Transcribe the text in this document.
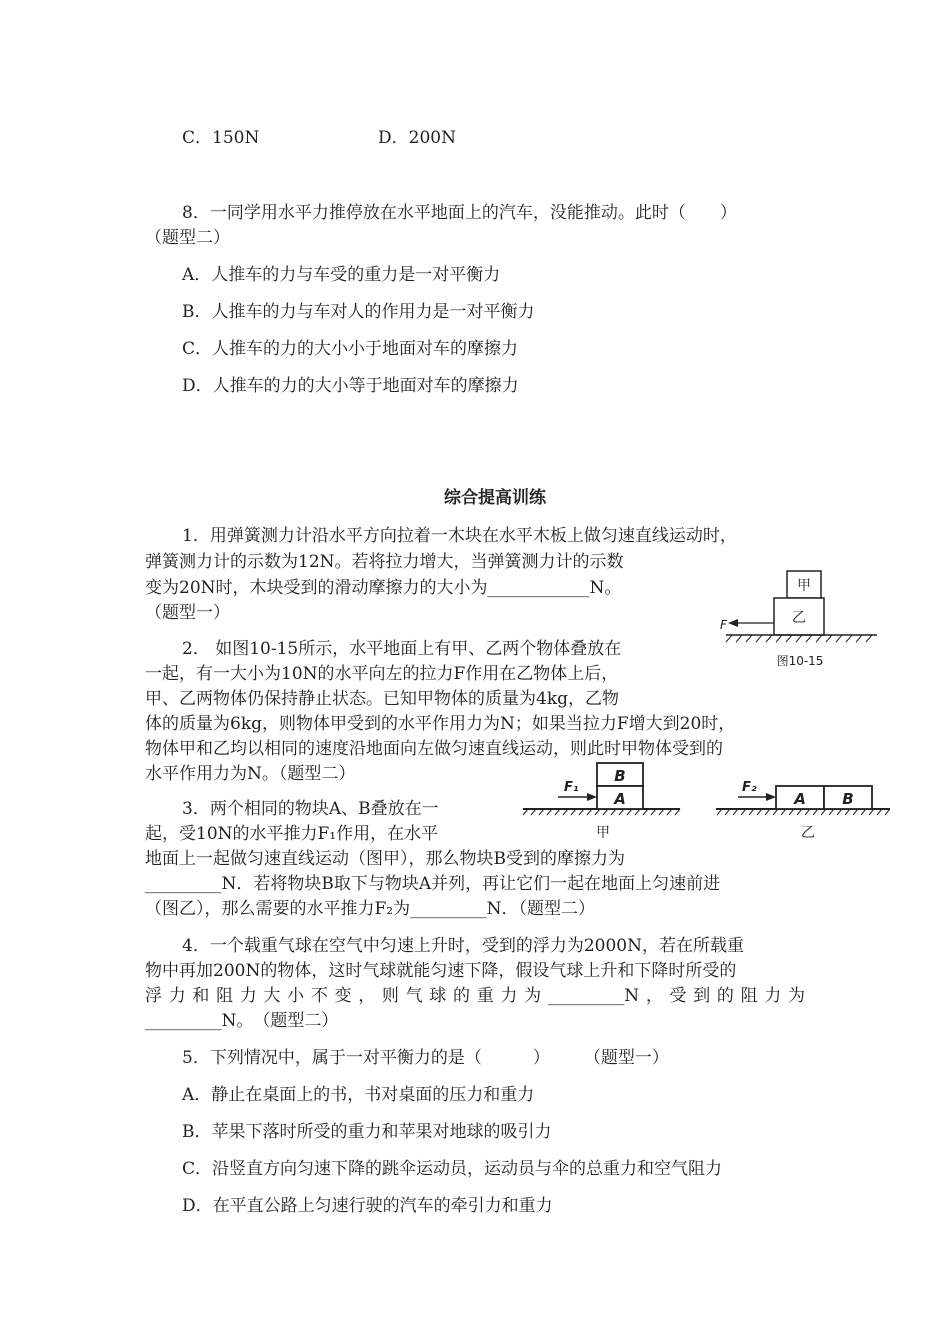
C．150N	D．200N
8．一同学用水平力推停放在水平地面上的汽车，没能推动。此时（　　）
（题型二）
A．人推车的力与车受的重力是一对平衡力
B．人推车的力与车对人的作用力是一对平衡力
C．人推车的力的大小小于地面对车的摩擦力
D．人推车的力的大小等于地面对车的摩擦力
综合提高训练
1．用弹簧测力计沿水平方向拉着一木块在水平木板上做匀速直线运动时，
弹簧测力计的示数为12N。若将拉力增大，当弹簧测力计的示数
变为20N时，木块受到的滑动摩擦力的大小为____________N。
（题型一）
甲
乙
F
图10-15
2． 如图10-15所示，水平地面上有甲、乙两个物体叠放在
一起，有一大小为10N的水平向左的拉力F作用在乙物体上后，
甲、乙两物体仍保持静止状态。已知甲物体的质量为4kg，乙物
体的质量为6kg，则物体甲受到的水平作用力为N；如果当拉力F增大到20时，
物体甲和乙均以相同的速度沿地面向左做匀速直线运动，则此时甲物体受到的
水平作用力为N。（题型二）	B
A
F₁
甲
A B
F₂
乙
3．两个相同的物块A、B叠放在一
起，受10N的水平推力F₁作用，在水平
地面上一起做匀速直线运动（图甲），那么物块B受到的摩擦力为
_________N．若将物块B取下与物块A并列，再让它们一起在地面上匀速前进
（图乙），那么需要的水平推力F₂为_________N．（题型二）
4．一个载重气球在空气中匀速上升时，受到的浮力为2000N，若在所载重
物中再加200N的物体，这时气球就能匀速下降，假设气球上升和下降时所受的
浮力和阻力大小不变，则气球的重力为_________N，受到的阻力为
_________N。　（题型二）
5．下列情况中，属于一对平衡力的是（　　　）　　　（题型一）
A．静止在桌面上的书，书对桌面的压力和重力
B．苹果下落时所受的重力和苹果对地球的吸引力
C．沿竖直方向匀速下降的跳伞运动员，运动员与伞的总重力和空气阻力
D．在平直公路上匀速行驶的汽车的牵引力和重力
